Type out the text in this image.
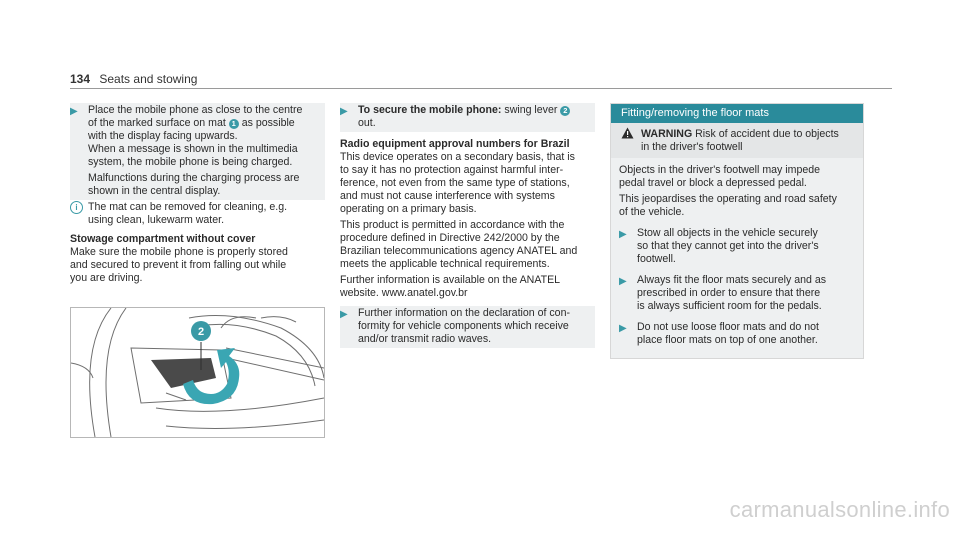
134 Seats and stowing
▶ Place the mobile phone as close to the centre
of the marked surface on mat 1 as possible
with the display facing upwards.
When a message is shown in the multimedia
system, the mobile phone is being charged.

Malfunctions during the charging process are
shown in the central display.

i The mat can be removed for cleaning, e.g.
using clean, lukewarm water.

Stowage compartment without cover

Make sure the mobile phone is properly stored
and secured to prevent it from falling out while
you are driving.

2
▶ To secure the mobile phone: swing lever 2
out.

Radio equipment approval numbers for Brazil

This device operates on a secondary basis, that is
to say it has no protection against harmful inter-
ference, not even from the same type of stations,
and must not cause interference with systems
operating on a primary basis.

This product is permitted in accordance with the
procedure defined in Directive 242/2000 by the
Brazilian telecommunications agency ANATEL and
meets the applicable technical requirements.

Further information is available on the ANATEL
website. www.anatel.gov.br

▶ Further information on the declaration of con-
formity for vehicle components which receive
and/or transmit radio waves.

Fitting/removing the floor mats
WARNING Risk of accident due to objects
in the driver's footwell

Objects in the driver's footwell may impede
pedal travel or block a depressed pedal.

This jeopardises the operating and road safety
of the vehicle.

▶ Stow all objects in the vehicle securely
so that they cannot get into the driver's
footwell.

▶ Always fit the floor mats securely and as
prescribed in order to ensure that there
is always sufficient room for the pedals.

▶ Do not use loose floor mats and do not
place floor mats on top of one another.

carmanualsonline.info
